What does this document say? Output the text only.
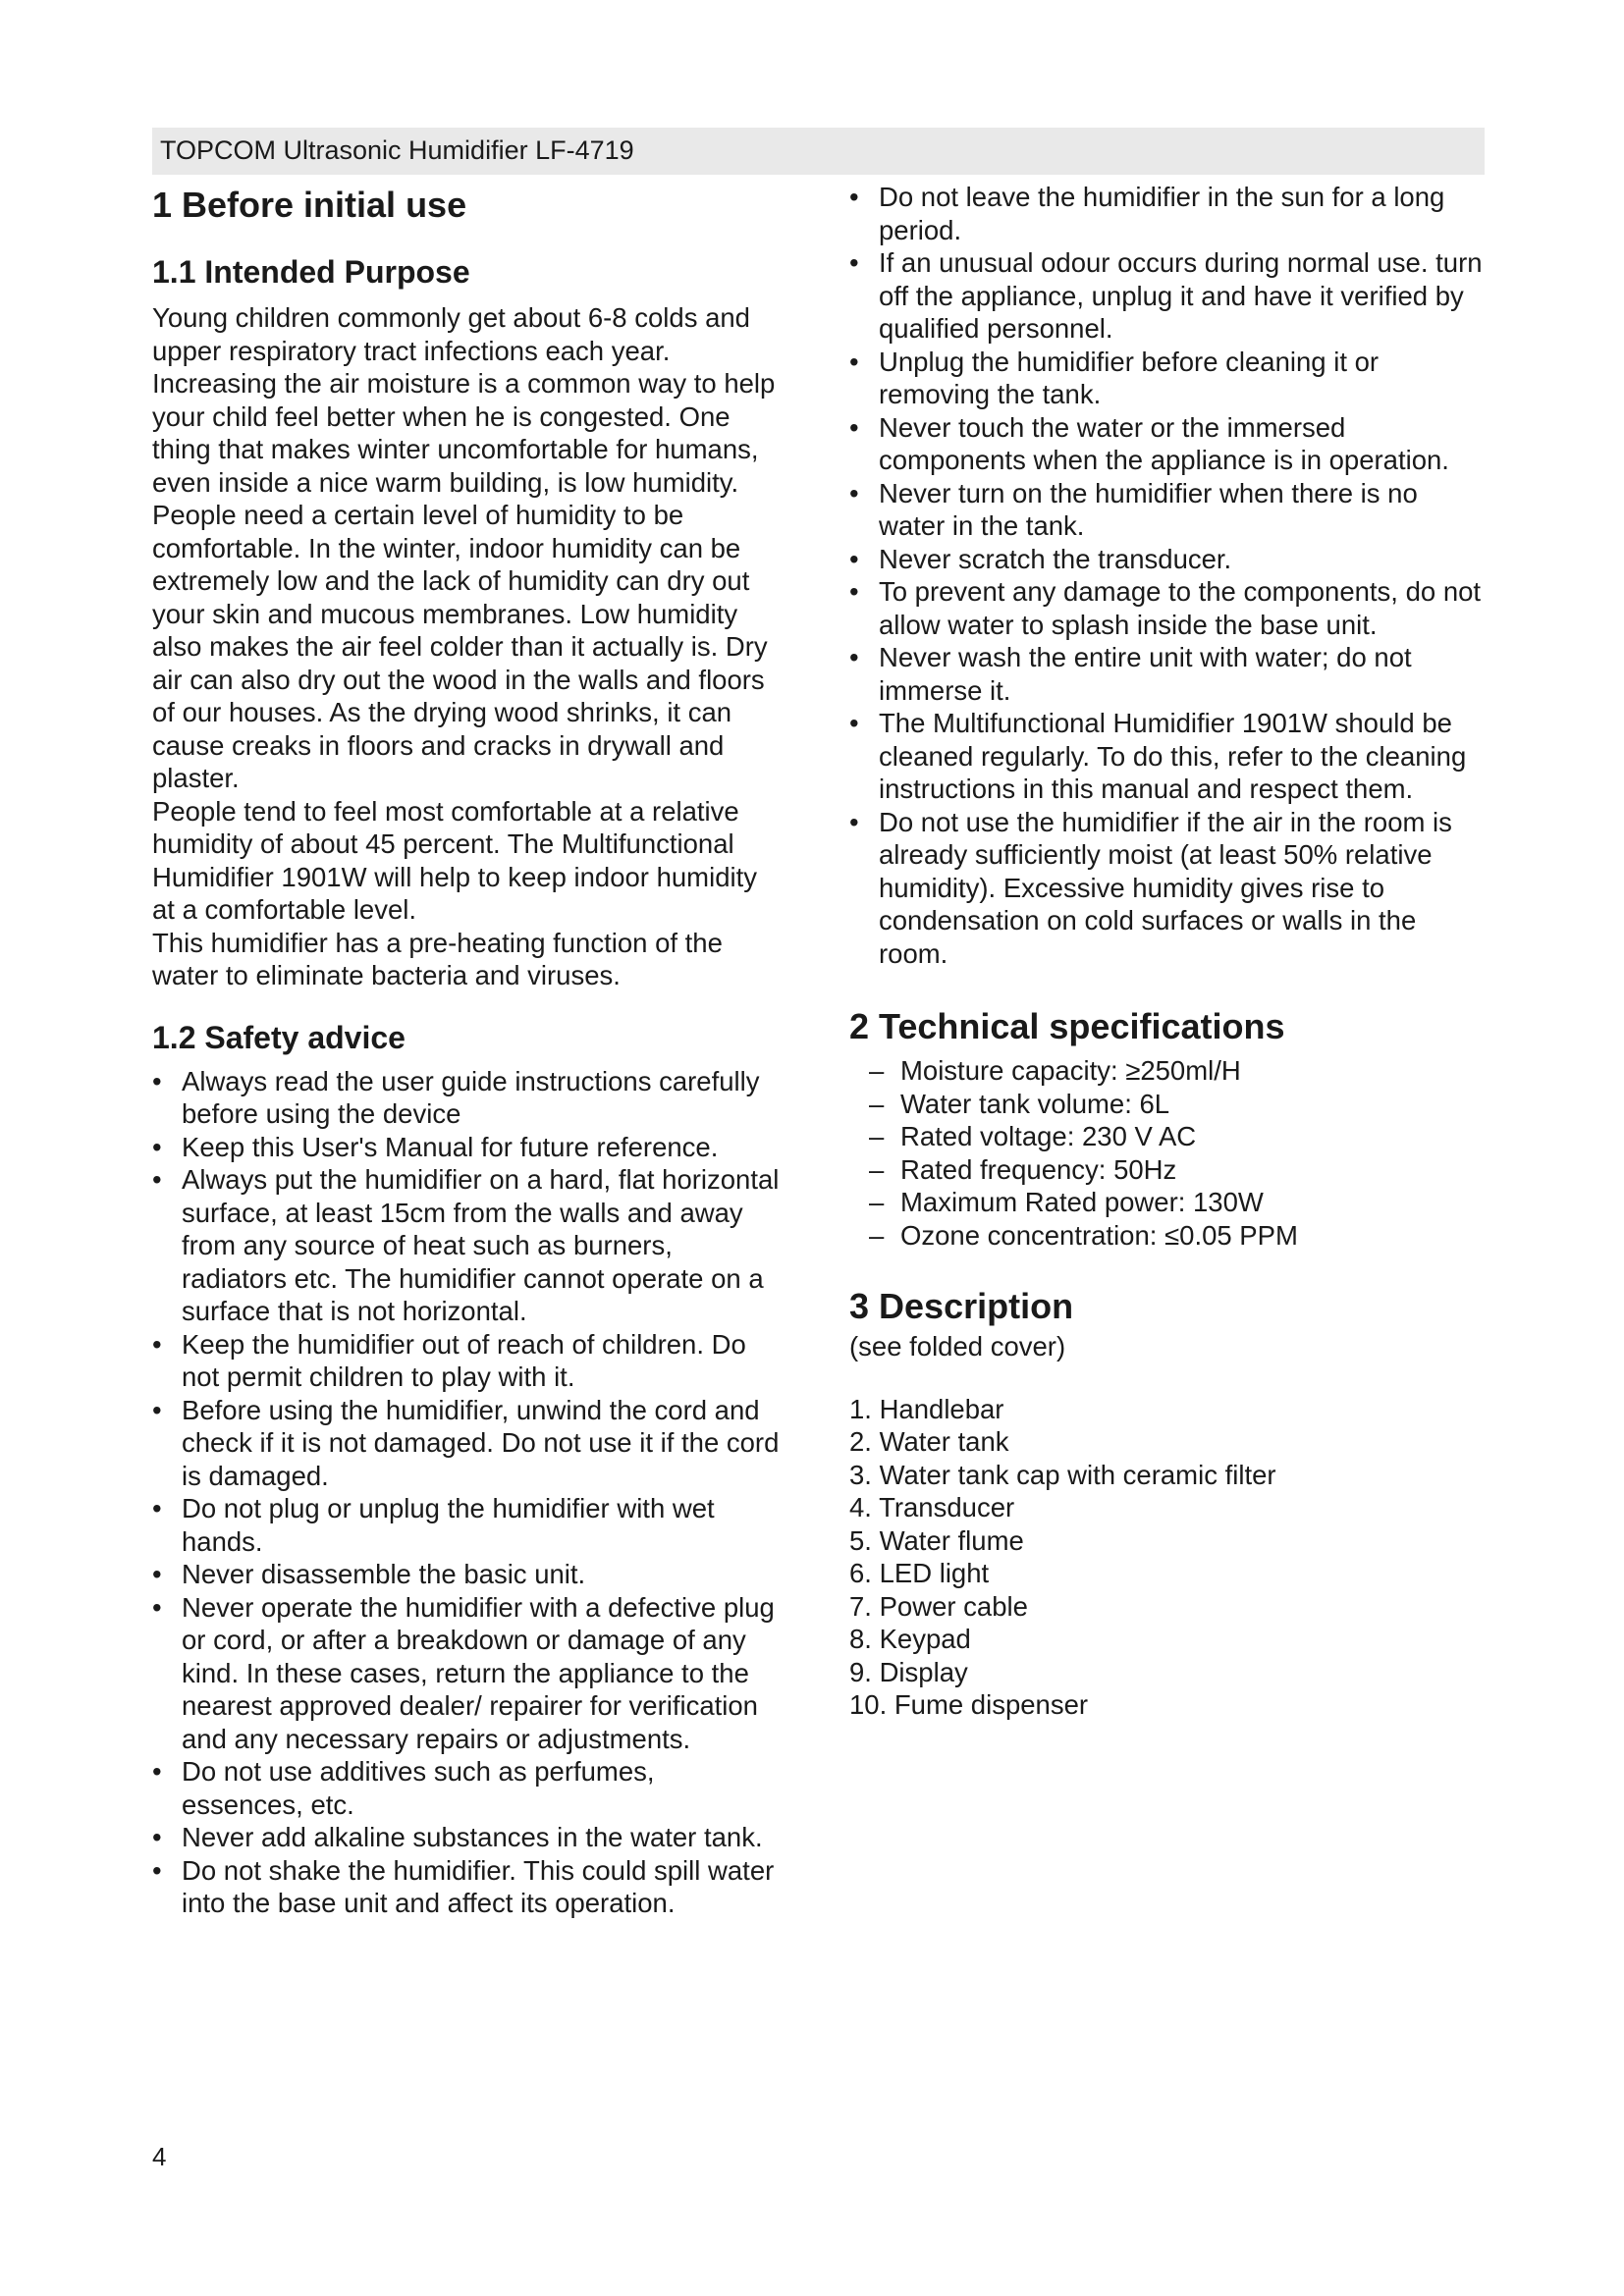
TOPCOM Ultrasonic Humidifier LF-4719
1 Before initial use
1.1 Intended Purpose

Young children commonly get about 6-8 colds and upper respiratory tract infections each year. Increasing the air moisture is a common way to help your child feel better when he is congested. One thing that makes winter uncomfortable for humans, even inside a nice warm building, is low humidity. People need a certain level of humidity to be comfortable. In the winter, indoor humidity can be extremely low and the lack of humidity can dry out your skin and mucous membranes. Low humidity also makes the air feel colder than it actually is. Dry air can also dry out the wood in the walls and floors of our houses. As the drying wood shrinks, it can cause creaks in floors and cracks in drywall and plaster.

People tend to feel most comfortable at a relative humidity of about 45 percent. The Multifunctional Humidifier 1901W will help to keep indoor humidity at a comfortable level.

This humidifier has a pre-heating function of the water to eliminate bacteria and viruses.

1.2 Safety advice
• Always read the user guide instructions carefully before using the device
• Keep this User's Manual for future reference.
• Always put the humidifier on a hard, flat horizontal surface, at least 15cm from the walls and away from any source of heat such as burners, radiators etc. The humidifier cannot operate on a surface that is not horizontal.
• Keep the humidifier out of reach of children. Do not permit children to play with it.
• Before using the humidifier, unwind the cord and check if it is not damaged. Do not use it if the cord is damaged.
• Do not plug or unplug the humidifier with wet hands.
• Never disassemble the basic unit.
• Never operate the humidifier with a defective plug or cord, or after a breakdown or damage of any kind. In these cases, return the appliance to the nearest approved dealer/ repairer for verification and any necessary repairs or adjustments.
• Do not use additives such as perfumes, essences, etc.
• Never add alkaline substances in the water tank.
• Do not shake the humidifier. This could spill water into the base unit and affect its operation.
• Do not leave the humidifier in the sun for a long period.
• If an unusual odour occurs during normal use. turn off the appliance, unplug it and have it verified by qualified personnel.
• Unplug the humidifier before cleaning it or removing the tank.
• Never touch the water or the immersed components when the appliance is in operation.
• Never turn on the humidifier when there is no water in the tank.
• Never scratch the transducer.
• To prevent any damage to the components, do not allow water to splash inside the base unit.
• Never wash the entire unit with water; do not immerse it.
• The Multifunctional Humidifier 1901W should be cleaned regularly. To do this, refer to the cleaning instructions in this manual and respect them.
• Do not use the humidifier if the air in the room is already sufficiently moist (at least 50% relative humidity). Excessive humidity gives rise to condensation on cold surfaces or walls in the room.
2 Technical specifications
– Moisture capacity: ≥250ml/H
– Water tank volume: 6L
– Rated voltage: 230 V AC
– Rated frequency: 50Hz
– Maximum Rated power: 130W
– Ozone concentration: ≤0.05 PPM
3 Description

(see folded cover)

1. Handlebar
2. Water tank
3. Water tank cap with ceramic filter
4. Transducer
5. Water flume
6. LED light
7. Power cable
8. Keypad
9. Display
10. Fume dispenser
4
